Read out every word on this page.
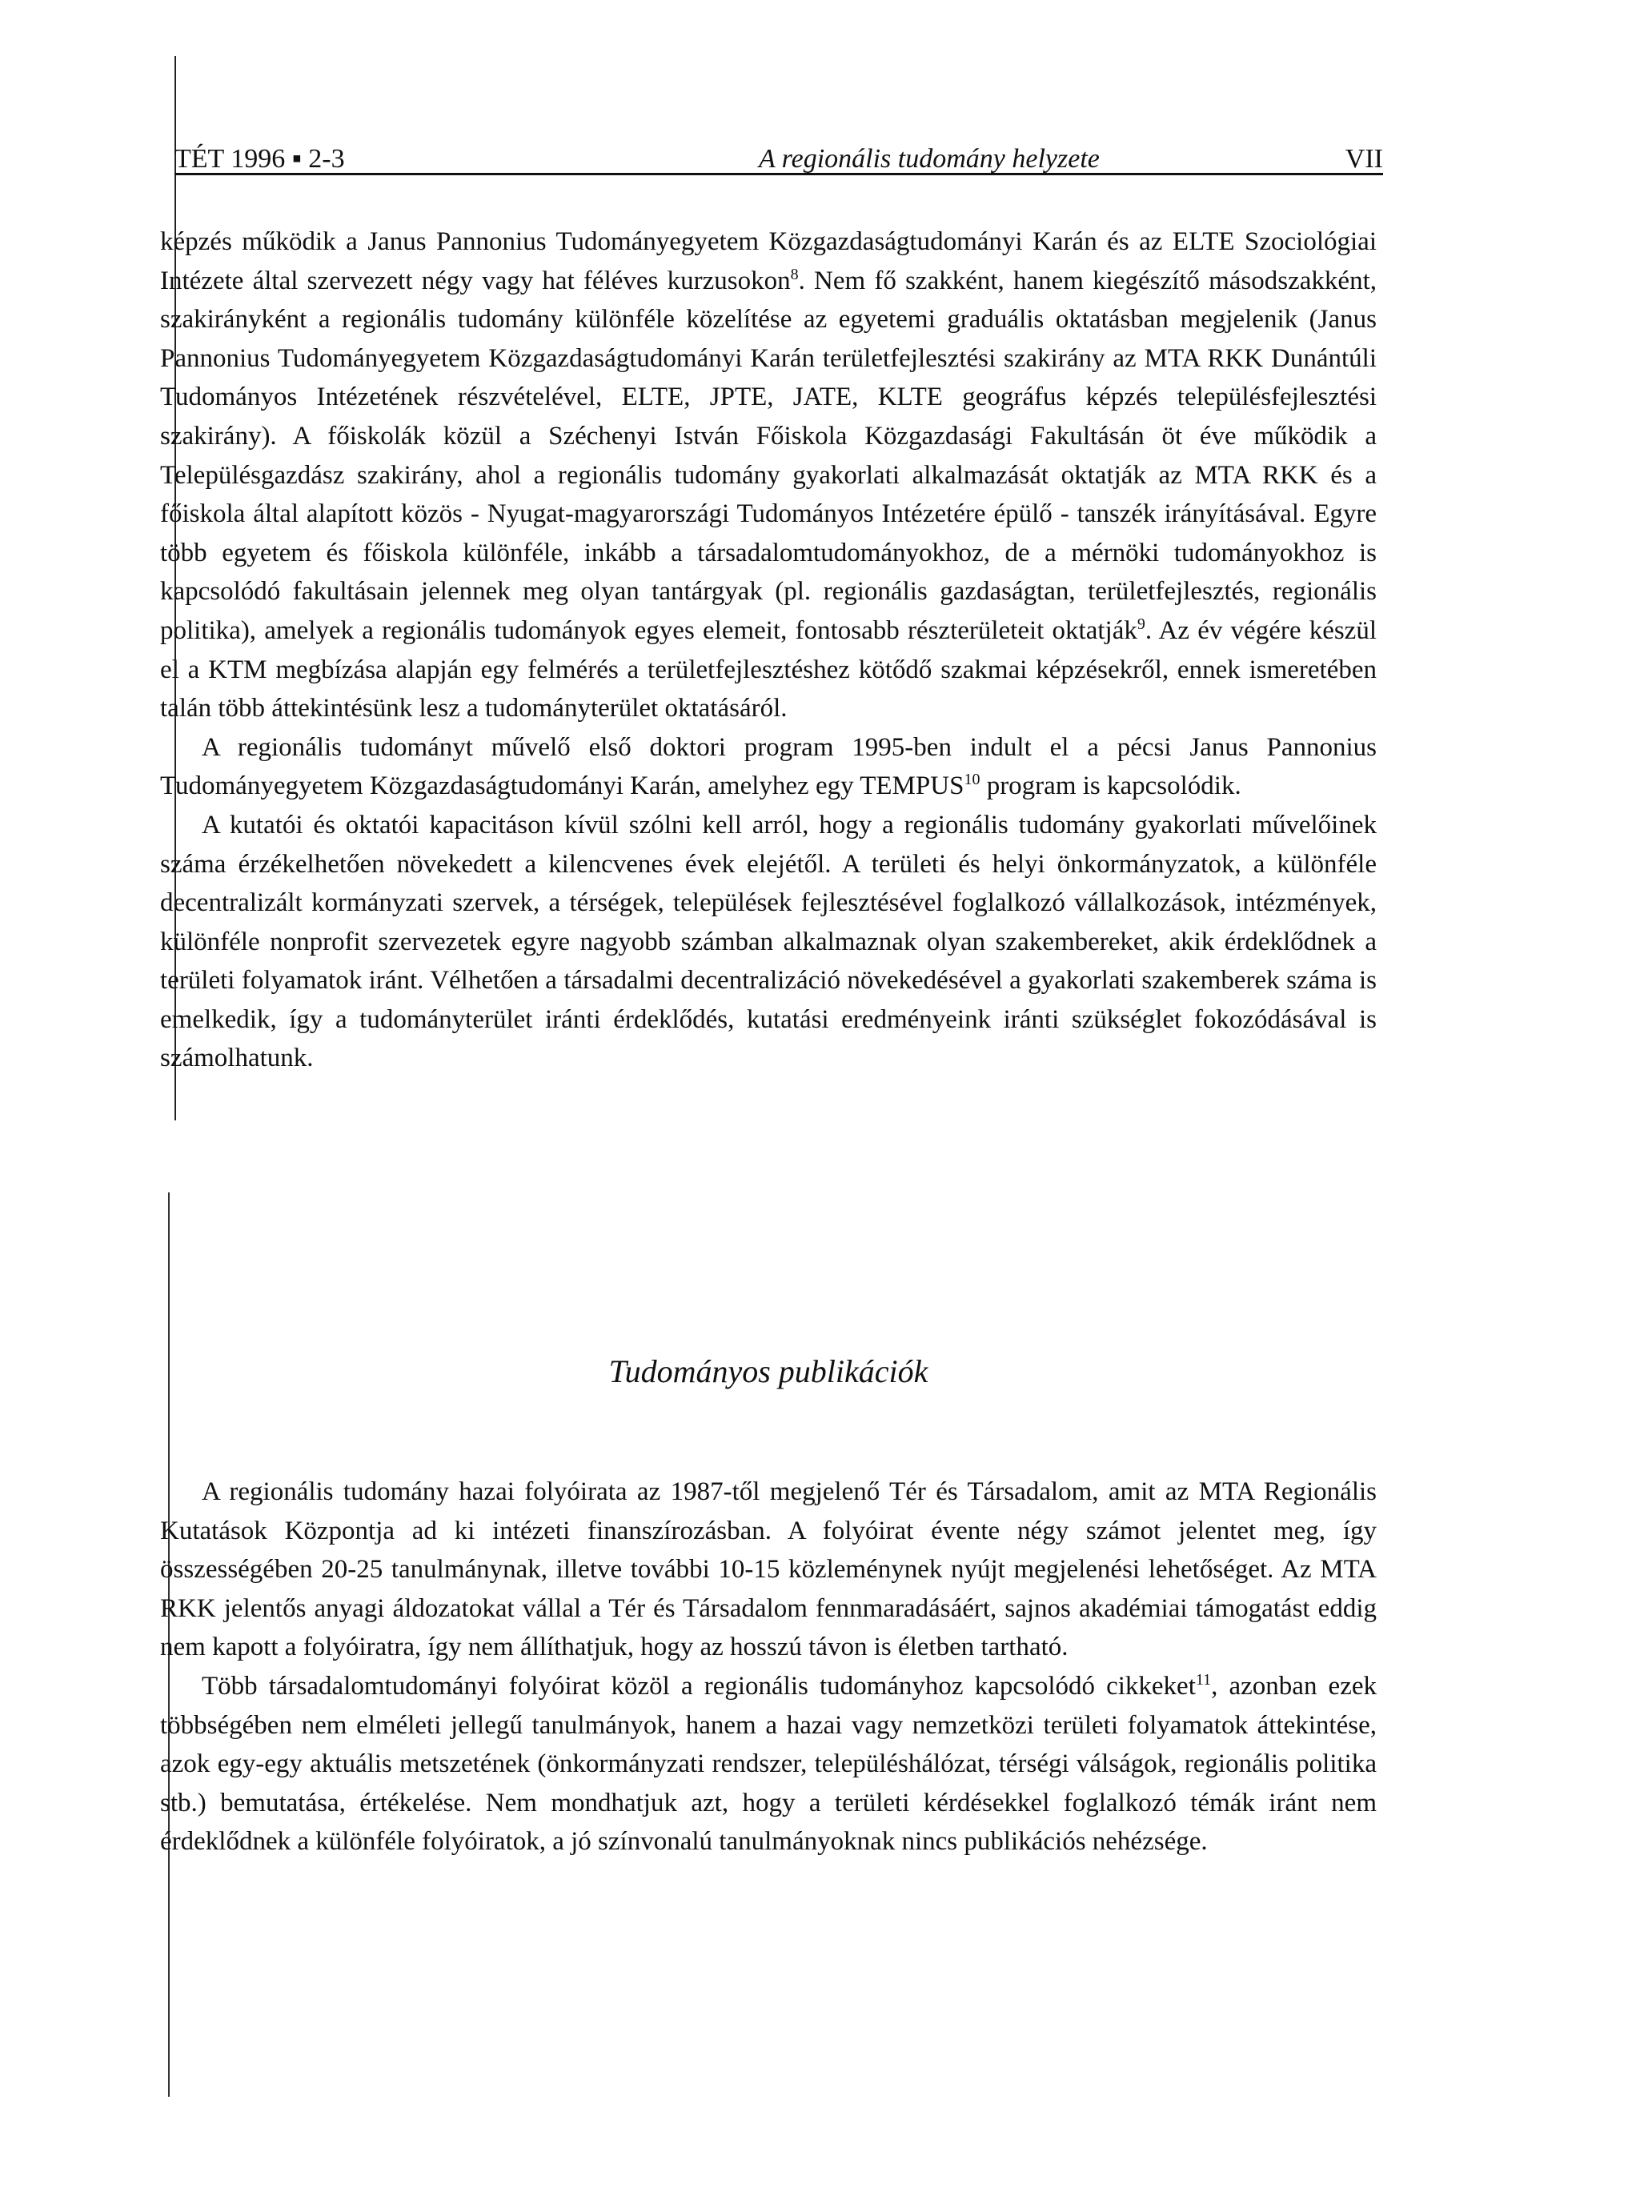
TÉT 1996 ▪ 2-3	A regionális tudomány helyzete	VII

képzés működik a Janus Pannonius Tudományegyetem Közgazdaságtudományi Karán és az ELTE Szociológiai Intézete által szervezett négy vagy hat féléves kurzusokon$^8$. Nem fő szakként, hanem kiegészítő másodszakként, szakirányként a regionális tudomány különféle közelítése az egyetemi graduális oktatásban megjelenik (Janus Pannonius Tudományegyetem Közgazdaságtudományi Karán területfejlesztési szakirány az MTA RKK Dunántúli Tudományos Intézetének részvételével, ELTE, JPTE, JATE, KLTE geográfus képzés településfejlesztési szakirány). A főiskolák közül a Széchenyi István Főiskola Közgazdasági Fakultásán öt éve működik a Településgazdász szakirány, ahol a regionális tudomány gyakorlati alkalmazását oktatják az MTA RKK és a főiskola által alapított közös - Nyugat-magyarországi Tudományos Intézetére épülő - tanszék irányításával. Egyre több egyetem és főiskola különféle, inkább a társadalomtudományokhoz, de a mérnöki tudományokhoz is kapcsolódó fakultásain jelennek meg olyan tantárgyak (pl. regionális gazdaságtan, területfejlesztés, regionális politika), amelyek a regionális tudományok egyes elemeit, fontosabb részterületeit oktatják$^9$. Az év végére készül el a KTM megbízása alapján egy felmérés a területfejlesztéshez kötődő szakmai képzésekről, ennek ismeretében talán több áttekintésünk lesz a tudományterület oktatásáról.

A regionális tudományt művelő első doktori program 1995-ben indult el a pécsi Janus Pannonius Tudományegyetem Közgazdaságtudományi Karán, amelyhez egy TEMPUS$^{10}$ program is kapcsolódik.

A kutatói és oktatói kapacitáson kívül szólni kell arról, hogy a regionális tudomány gyakorlati művelőinek száma érzékelhetően növekedett a kilencvenes évek elejétől. A területi és helyi önkormányzatok, a különféle decentralizált kormányzati szervek, a térségek, települések fejlesztésével foglalkozó vállalkozások, intézmények, különféle nonprofit szervezetek egyre nagyobb számban alkalmaznak olyan szakembereket, akik érdeklődnek a területi folyamatok iránt. Vélhetően a társadalmi decentralizáció növekedésével a gyakorlati szakemberek száma is emelkedik, így a tudományterület iránti érdeklődés, kutatási eredményeink iránti szükséglet fokozódásával is számolhatunk.

Tudományos publikációk

A regionális tudomány hazai folyóirata az 1987-től megjelenő Tér és Társadalom, amit az MTA Regionális Kutatások Központja ad ki intézeti finanszírozásban. A folyóirat évente négy számot jelentet meg, így összességében 20-25 tanulmánynak, illetve további 10-15 közleménynek nyújt megjelenési lehetőséget. Az MTA RKK jelentős anyagi áldozatokat vállal a Tér és Társadalom fennmaradásáért, sajnos akadémiai támogatást eddig nem kapott a folyóiratra, így nem állíthatjuk, hogy az hosszú távon is életben tartható.

Több társadalomtudományi folyóirat közöl a regionális tudományhoz kapcsolódó cikkeket$^{11}$, azonban ezek többségében nem elméleti jellegű tanulmányok, hanem a hazai vagy nemzetközi területi folyamatok áttekintése, azok egy-egy aktuális metszetének (önkormányzati rendszer, településhálózat, térségi válságok, regionális politika stb.) bemutatása, értékelése. Nem mondhatjuk azt, hogy a területi kérdésekkel foglalkozó témák iránt nem érdeklődnek a különféle folyóiratok, a jó színvonalú tanulmányoknak nincs publikációs nehézsége.
